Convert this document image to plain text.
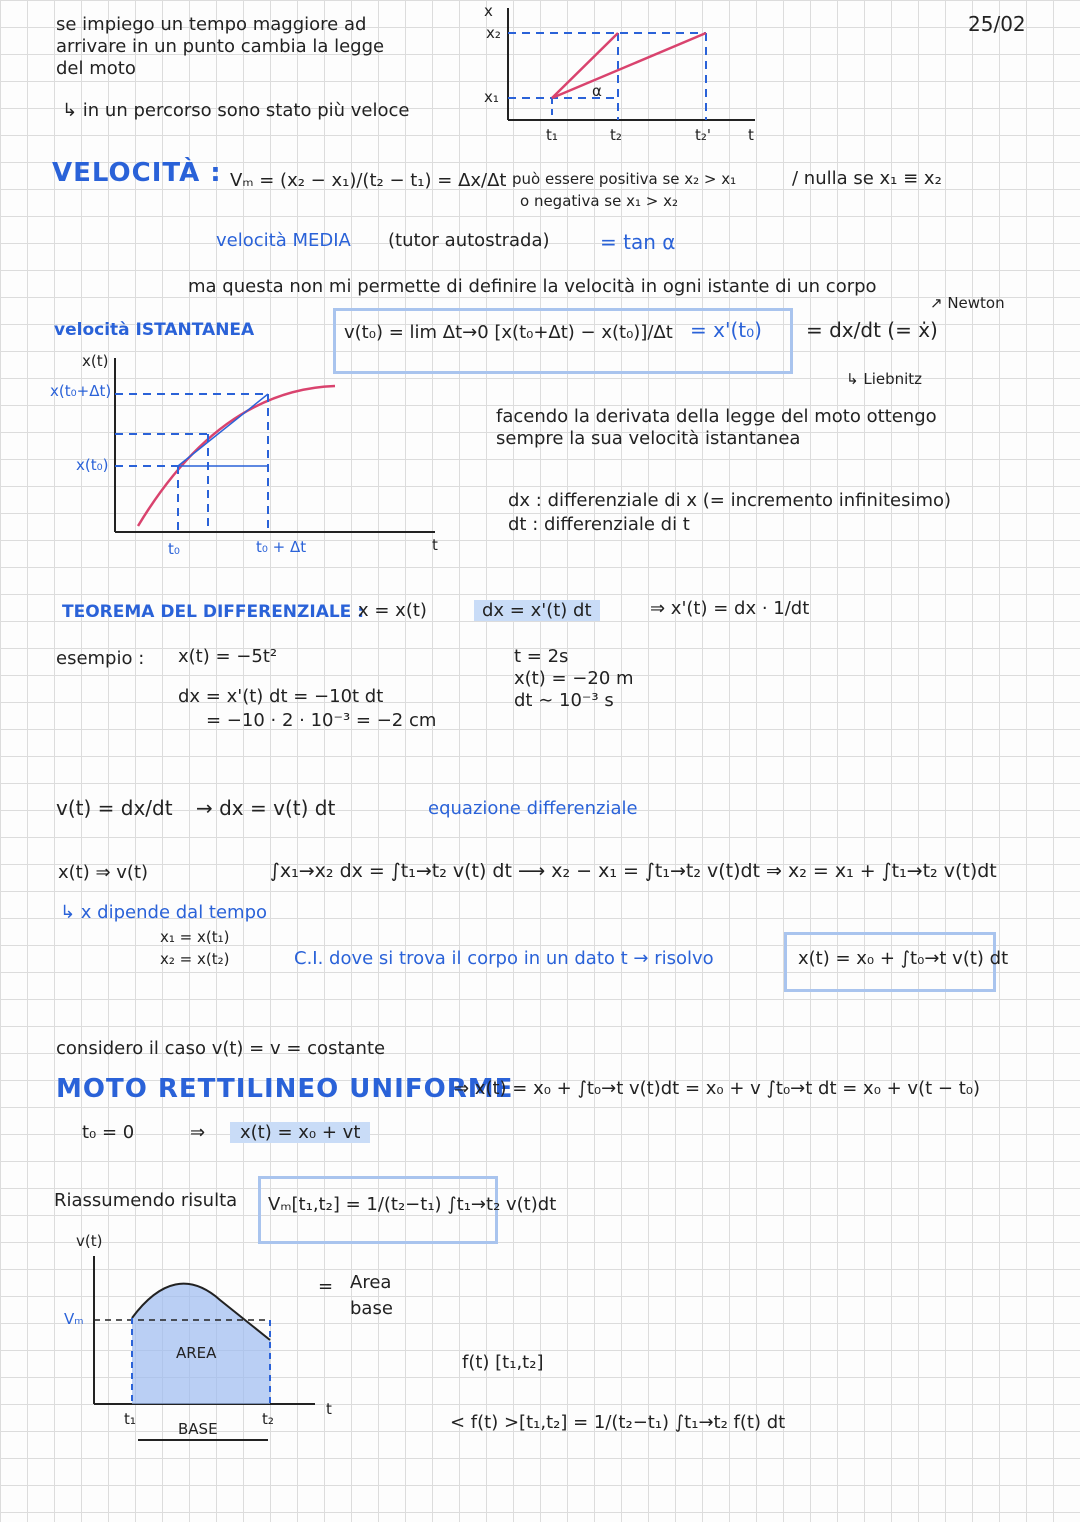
25/02
se impiego un tempo maggiore ad
arrivare in un punto cambia la legge
del moto
↳ in un percorso sono stato più veloce
x
x₂
x₁
t₁	t₂	t₂' t
α
VELOCITÀ : Vₘ = (x₂ − x₁)/(t₂ − t₁) = Δx/Δt
velocità MEDIA (tutor autostrada)	= tan α
può essere positiva se x₂ > x₁
o negativa se x₁ > x₂
/ nulla se x₁ ≡ x₂
ma questa non mi permette di definire la velocità in ogni istante di un corpo
velocità ISTANTANEA	v(t₀) = lim Δt→0 [x(t₀+Δt) − x(t₀)]/Δt = x'(t₀) = dx/dt (= ẋ)
↗ Newton
↳ Liebnitz
facendo la derivata della legge del moto ottengo
sempre la sua velocità istantanea
dx : differenziale di x (= incremento infinitesimo)
dt : differenziale di t
x(t)
x(t₀+Δt)
x(t₀)
t₀	t₀ + Δt	t
TEOREMA DEL DIFFERENZIALE :
x = x(t)	dx = x'(t) dt	⇒ x'(t) = dx · 1/dt
esempio : x(t) = −5t²
dx = x'(t) dt = −10t dt
= −10 · 2 · 10⁻³ = −2 cm
t = 2s
x(t) = −20 m
dt ∼ 10⁻³ s
v(t) = dx/dt → dx = v(t) dt	equazione differenziale
x(t) ⇒ v(t)	∫x₁→x₂ dx = ∫t₁→t₂ v(t) dt ⟶ x₂ − x₁ = ∫t₁→t₂ v(t)dt ⇒ x₂ = x₁ + ∫t₁→t₂ v(t)dt
↳ x dipende dal tempo
x₁ = x(t₁)
x₂ = x(t₂)	C.I. dove si trova il corpo in un dato t → risolvo	x(t) = x₀ + ∫t₀→t v(t) dt
considero il caso v(t) = v = costante
MOTO RETTILINEO UNIFORME
⇒ x(t) = x₀ + ∫t₀→t v(t)dt = x₀ + v ∫t₀→t dt = x₀ + v(t − t₀)
t₀ = 0	⇒	x(t) = x₀ + vt
Riassumendo risulta Vₘ[t₁,t₂] = 1/(t₂−t₁) ∫t₁→t₂ v(t)dt
= Area
base
v(t)
Vₘ
AREA
t₁	t₂
t
BASE
f(t) [t₁,t₂]
< f(t) >[t₁,t₂] = 1/(t₂−t₁) ∫t₁→t₂ f(t) dt
